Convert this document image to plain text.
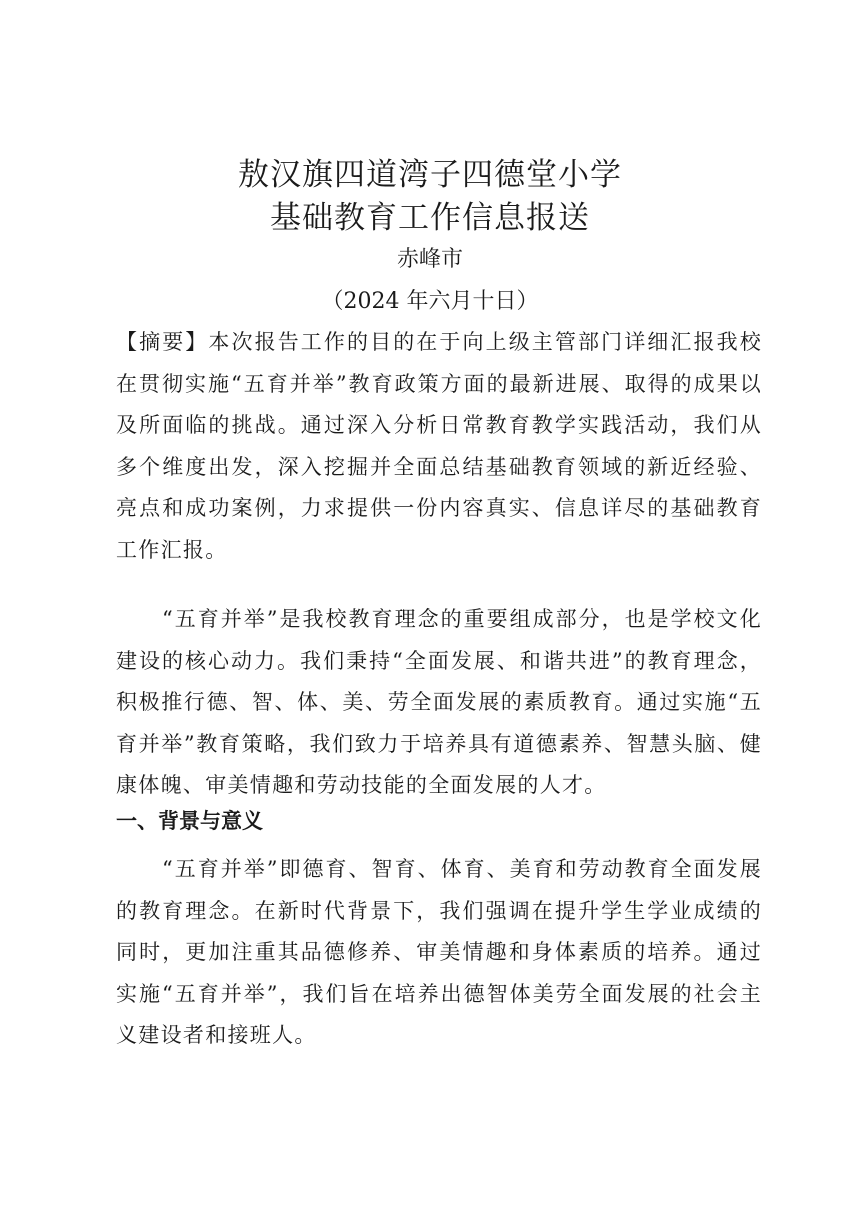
敖汉旗四道湾子四德堂小学
基础教育工作信息报送
赤峰市
（2024 年六月十日）
【摘要】本次报告工作的目的在于向上级主管部门详细汇报我校在贯彻实施“五育并举”教育政策方面的最新进展、取得的成果以及所面临的挑战。通过深入分析日常教育教学实践活动，我们从多个维度出发，深入挖掘并全面总结基础教育领域的新近经验、亮点和成功案例，力求提供一份内容真实、信息详尽的基础教育工作汇报。
“五育并举”是我校教育理念的重要组成部分，也是学校文化建设的核心动力。我们秉持“全面发展、和谐共进”的教育理念，积极推行德、智、体、美、劳全面发展的素质教育。通过实施“五育并举”教育策略，我们致力于培养具有道德素养、智慧头脑、健康体魄、审美情趣和劳动技能的全面发展的人才。
一、背景与意义
“五育并举”即德育、智育、体育、美育和劳动教育全面发展的教育理念。在新时代背景下，我们强调在提升学生学业成绩的同时，更加注重其品德修养、审美情趣和身体素质的培养。通过实施“五育并举”，我们旨在培养出德智体美劳全面发展的社会主义建设者和接班人。
